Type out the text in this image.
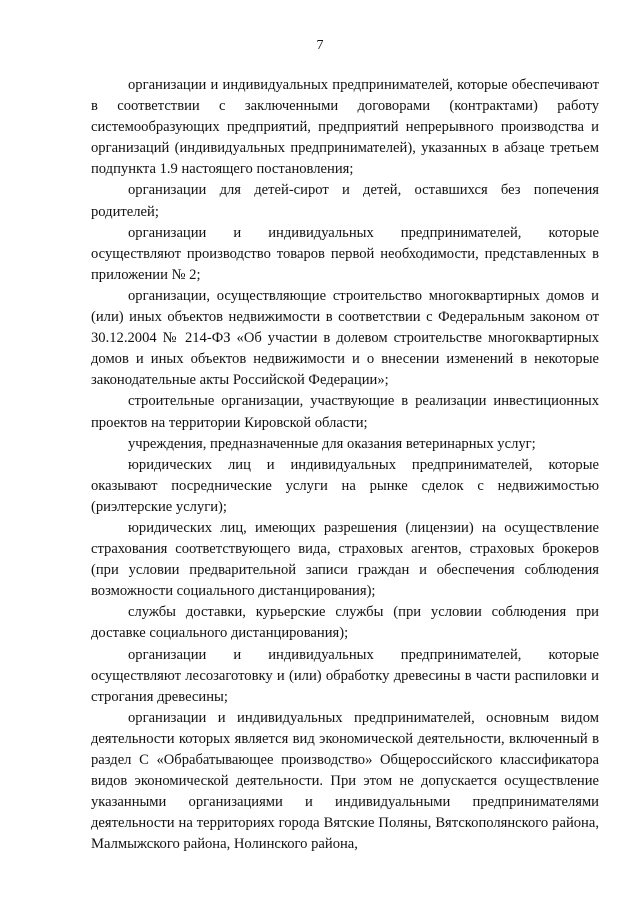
7

организации и индивидуальных предпринимателей, которые обеспечивают в соответствии с заключенными договорами (контрактами) работу системообразующих предприятий, предприятий непрерывного производства и организаций (индивидуальных предпринимателей), указанных в абзаце третьем подпункта 1.9 настоящего постановления;

организации для детей-сирот и детей, оставшихся без попечения родителей;

организации и индивидуальных предпринимателей, которые осуществляют производство товаров первой необходимости, представленных в приложении № 2;

организации, осуществляющие строительство многоквартирных домов и (или) иных объектов недвижимости в соответствии с Федеральным законом от 30.12.2004 № 214-ФЗ «Об участии в долевом строительстве многоквартирных домов и иных объектов недвижимости и о внесении изменений в некоторые законодательные акты Российской Федерации»;

строительные организации, участвующие в реализации инвестиционных проектов на территории Кировской области;

учреждения, предназначенные для оказания ветеринарных услуг;

юридических лиц и индивидуальных предпринимателей, которые оказывают посреднические услуги на рынке сделок с недвижимостью (риэлтерские услуги);

юридических лиц, имеющих разрешения (лицензии) на осуществление страхования соответствующего вида, страховых агентов, страховых брокеров (при условии предварительной записи граждан и обеспечения соблюдения возможности социального дистанцирования);

службы доставки, курьерские службы (при условии соблюдения при доставке социального дистанцирования);

организации и индивидуальных предпринимателей, которые осуществляют лесозаготовку и (или) обработку древесины в части распиловки и строгания древесины;

организации и индивидуальных предпринимателей, основным видом деятельности которых является вид экономической деятельности, включенный в раздел С «Обрабатывающее производство» Общероссийского классификатора видов экономической деятельности. При этом не допускается осуществление указанными организациями и индивидуальными предпринимателями деятельности на территориях города Вятские Поляны, Вятскополянского района, Малмыжского района, Нолинского района,
